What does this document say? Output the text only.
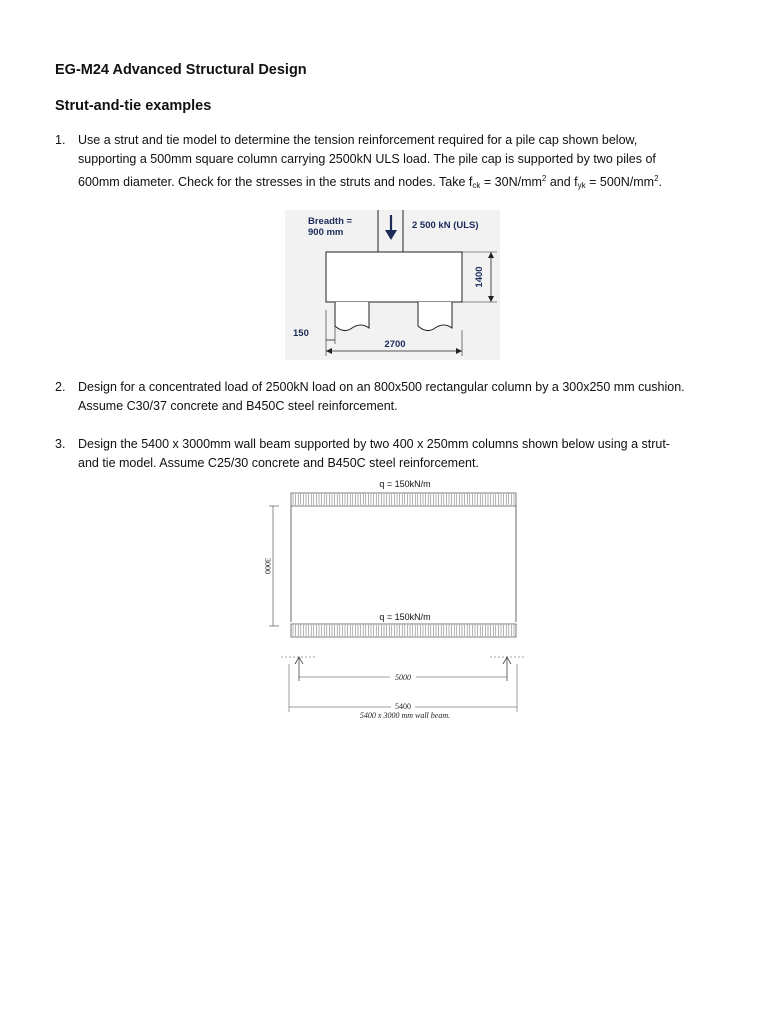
EG-M24 Advanced Structural Design
Strut-and-tie examples
1. Use a strut and tie model to determine the tension reinforcement required for a pile cap shown below,
supporting a 500mm square column carrying 2500kN ULS load. The pile cap is supported by two piles of
600mm diameter. Check for the stresses in the struts and nodes. Take $f_{ck} = 30N/mm^2$ and $f_{yk} = 500N/mm^2$.
1400
2700
Breadth =
900 mm
2 500 kN (ULS)
150
2. Design for a concentrated load of 2500kN load on an 800x500 rectangular column by a 300x250 mm cushion.
Assume C30/37 concrete and B450C steel reinforcement.
3. Design the 5400 x 3000mm wall beam supported by two 400 x 250mm columns shown below using a strut-
and tie model. Assume C25/30 concrete and B450C steel reinforcement.
q = 150kN/m
q = 150kN/m
3000
5000
5400
5400 x 3000 mm wall beam.
